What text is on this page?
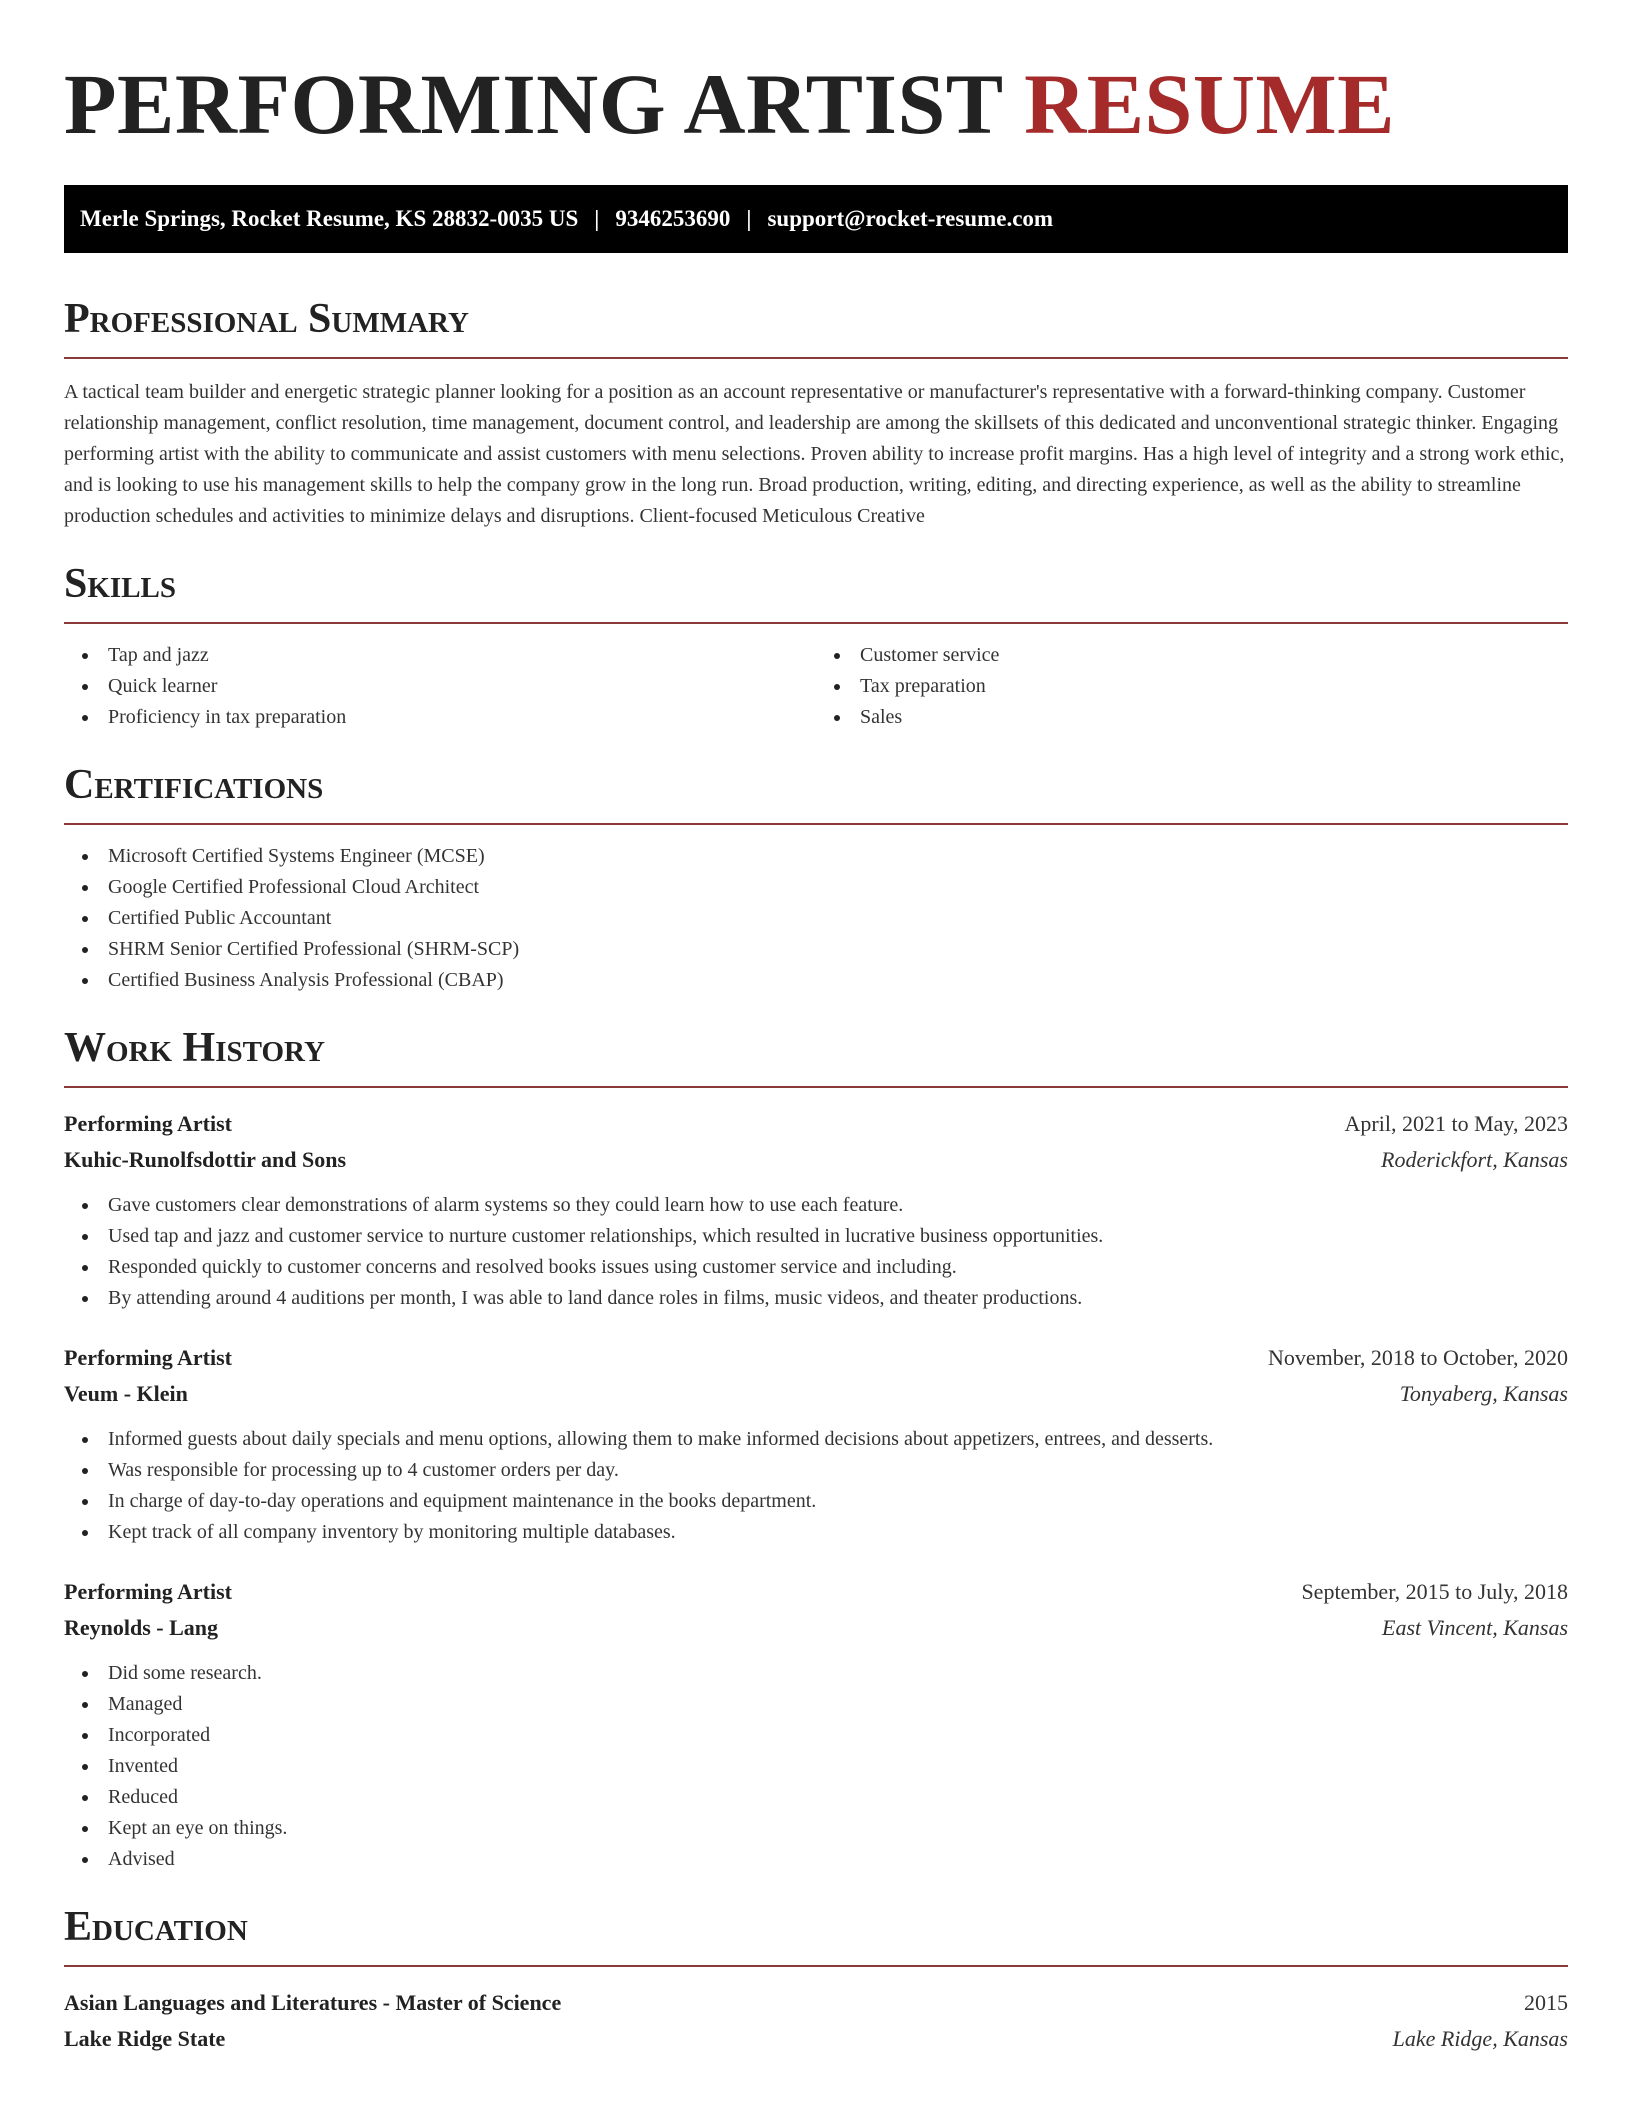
PERFORMING ARTIST RESUME
Merle Springs, Rocket Resume, KS 28832-0035 US | 9346253690 | support@rocket-resume.com
Professional Summary

A tactical team builder and energetic strategic planner looking for a position as an account representative or manufacturer's representative with a forward-thinking company. Customer relationship management, conflict resolution, time management, document control, and leadership are among the skillsets of this dedicated and unconventional strategic thinker. Engaging performing artist with the ability to communicate and assist customers with menu selections. Proven ability to increase profit margins. Has a high level of integrity and a strong work ethic, and is looking to use his management skills to help the company grow in the long run. Broad production, writing, editing, and directing experience, as well as the ability to streamline production schedules and activities to minimize delays and disruptions. Client-focused Meticulous Creative

Skills
Tap and jazz
Quick learner
Proficiency in tax preparation
Customer service
Tax preparation
Sales
Certifications
Microsoft Certified Systems Engineer (MCSE)
Google Certified Professional Cloud Architect
Certified Public Accountant
SHRM Senior Certified Professional (SHRM-SCP)
Certified Business Analysis Professional (CBAP)
Work History
Performing Artist	April, 2021 to May, 2023
Kuhic-Runolfsdottir and Sons	Roderickfort, Kansas
Gave customers clear demonstrations of alarm systems so they could learn how to use each feature.
Used tap and jazz and customer service to nurture customer relationships, which resulted in lucrative business opportunities.
Responded quickly to customer concerns and resolved books issues using customer service and including.
By attending around 4 auditions per month, I was able to land dance roles in films, music videos, and theater productions.
Performing Artist	November, 2018 to October, 2020
Veum - Klein	Tonyaberg, Kansas
Informed guests about daily specials and menu options, allowing them to make informed decisions about appetizers, entrees, and desserts.
Was responsible for processing up to 4 customer orders per day.
In charge of day-to-day operations and equipment maintenance in the books department.
Kept track of all company inventory by monitoring multiple databases.
Performing Artist	September, 2015 to July, 2018
Reynolds - Lang	East Vincent, Kansas
Did some research.
Managed
Incorporated
Invented
Reduced
Kept an eye on things.
Advised
Education
Asian Languages and Literatures - Master of Science	2015
Lake Ridge State	Lake Ridge, Kansas
